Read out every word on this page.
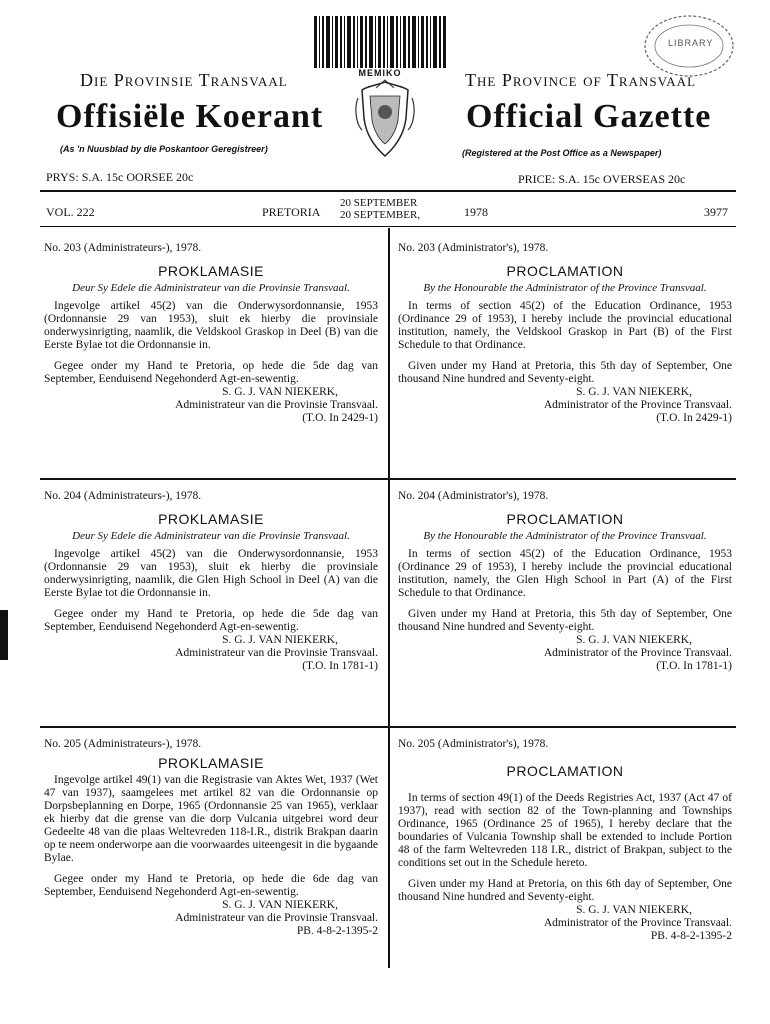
MEMIKO
LIBRARY
Die Provinsie Transvaal	The Province of Transvaal
Offisiële Koerant	Official Gazette
(As 'n Nuusblad by die Poskantoor Geregistreer)	(Registered at the Post Office as a Newspaper)
PRYS: S.A. 15c OORSEE 20c	PRICE: S.A. 15c OVERSEAS 20c
VOL. 222	PRETORIA
20 SEPTEMBER
20 SEPTEMBER,	1978	3977
No. 203 (Administrateurs-), 1978.
PROKLAMASIE
Deur Sy Edele die Administrateur van die Provinsie Transvaal.

Ingevolge artikel 45(2) van die Onderwysordonnansie, 1953 (Ordonnansie 29 van 1953), sluit ek hierby die provinsiale onderwysinrigting, naamlik, die Veldskool Graskop in Deel (B) van die Eerste Bylae tot die Ordonnansie in.

Gegee onder my Hand te Pretoria, op hede die 5de dag van September, Eenduisend Negehonderd Agt-en-sewentig.

S. G. J. VAN NIEKERK,
Administrateur van die Provinsie Transvaal.
(T.O. In 2429-1)
No. 203 (Administrator's), 1978.
PROCLAMATION
By the Honourable the Administrator of the Province Transvaal.

In terms of section 45(2) of the Education Ordinance, 1953 (Ordinance 29 of 1953), I hereby include the provincial educational institution, namely, the Veldskool Graskop in Part (B) of the First Schedule to that Ordinance.

Given under my Hand at Pretoria, this 5th day of September, One thousand Nine hundred and Seventy-eight.

S. G. J. VAN NIEKERK,
Administrator of the Province Transvaal.
(T.O. In 2429-1)
No. 204 (Administrateurs-), 1978.
PROKLAMASIE
Deur Sy Edele die Administrateur van die Provinsie Transvaal.

Ingevolge artikel 45(2) van die Onderwysordonnansie, 1953 (Ordonnansie 29 van 1953), sluit ek hierby die provinsiale onderwysinrigting, naamlik, die Glen High School in Deel (A) van die Eerste Bylae tot die Ordonnansie in.

Gegee onder my Hand te Pretoria, op hede die 5de dag van September, Eenduisend Negehonderd Agt-en-sewentig.

S. G. J. VAN NIEKERK,
Administrateur van die Provinsie Transvaal.
(T.O. In 1781-1)
No. 204 (Administrator's), 1978.
PROCLAMATION
By the Honourable the Administrator of the Province Transvaal.

In terms of section 45(2) of the Education Ordinance, 1953 (Ordinance 29 of 1953), I hereby include the provincial educational institution, namely, the Glen High School in Part (A) of the First Schedule to that Ordinance.

Given under my Hand at Pretoria, this 5th day of September, One thousand Nine hundred and Seventy-eight.

S. G. J. VAN NIEKERK,
Administrator of the Province Transvaal.
(T.O. In 1781-1)
No. 205 (Administrateurs-), 1978.
PROKLAMASIE

Ingevolge artikel 49(1) van die Registrasie van Aktes Wet, 1937 (Wet 47 van 1937), saamgelees met artikel 82 van die Ordonnansie op Dorpsbeplanning en Dorpe, 1965 (Ordonnansie 25 van 1965), verklaar ek hierby dat die grense van die dorp Vulcania uitgebrei word deur Gedeelte 48 van die plaas Weltevreden 118-I.R., distrik Brakpan daarin op te neem onderworpe aan die voorwaardes uiteengesit in die bygaande Bylae.

Gegee onder my Hand te Pretoria, op hede die 6de dag van September, Eenduisend Negehonderd Agt-en-sewentig.

S. G. J. VAN NIEKERK,
Administrateur van die Provinsie Transvaal.
PB. 4-8-2-1395-2
No. 205 (Administrator's), 1978.
PROCLAMATION

In terms of section 49(1) of the Deeds Registries Act, 1937 (Act 47 of 1937), read with section 82 of the Town-planning and Townships Ordinance, 1965 (Ordinance 25 of 1965), I hereby declare that the boundaries of Vulcania Township shall be extended to include Portion 48 of the farm Weltevreden 118 I.R., district of Brakpan, subject to the conditions set out in the Schedule hereto.

Given under my Hand at Pretoria, on this 6th day of September, One thousand Nine hundred and Seventy-eight.

S. G. J. VAN NIEKERK,
Administrator of the Province Transvaal.
PB. 4-8-2-1395-2
